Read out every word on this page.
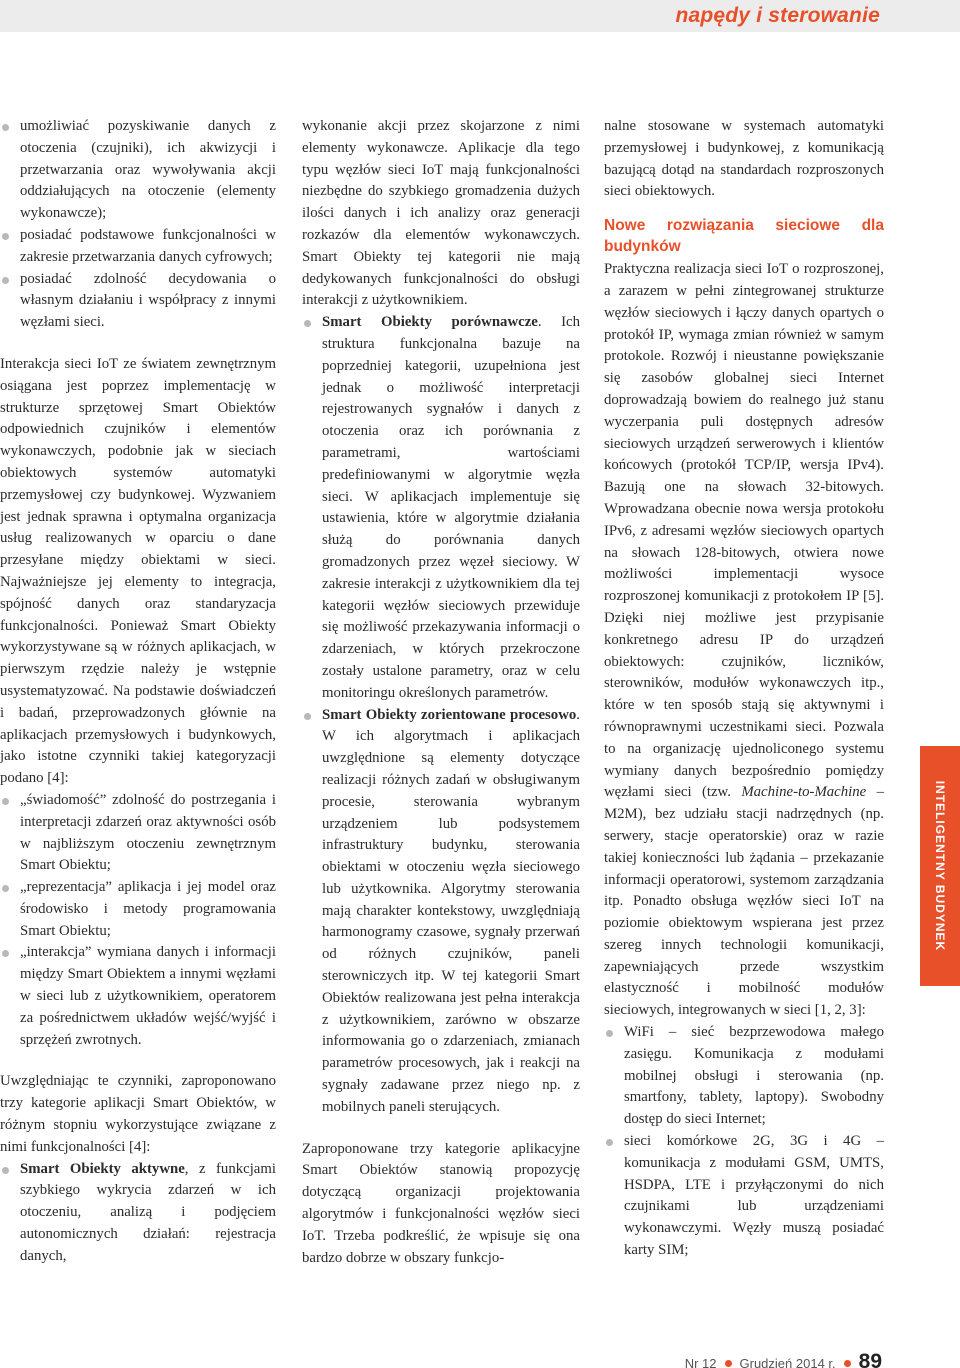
napędy i sterowanie
umożliwiać pozyskiwanie danych z otoczenia (czujniki), ich akwizycji i przetwarzania oraz wywoływania akcji oddziałujących na otoczenie (elementy wykonawcze);
posiadać podstawowe funkcjonalności w zakresie przetwarzania danych cyfrowych;
posiadać zdolność decydowania o własnym działaniu i współpracy z innymi węzłami sieci.

Interakcja sieci IoT ze światem zewnętrznym osiągana jest poprzez implementację w strukturze sprzętowej Smart Obiektów odpowiednich czujników i elementów wykonawczych, podobnie jak w sieciach obiektowych systemów automatyki przemysłowej czy budynkowej. Wyzwaniem jest jednak sprawna i optymalna organizacja usług realizowanych w oparciu o dane przesyłane między obiektami w sieci. Najważniejsze jej elementy to integracja, spójność danych oraz standaryzacja funkcjonalności. Ponieważ Smart Obiekty wykorzystywane są w różnych aplikacjach, w pierwszym rzędzie należy je wstępnie usystematyzować. Na podstawie doświadczeń i badań, przeprowadzonych głównie na aplikacjach przemysłowych i budynkowych, jako istotne czynniki takiej kategoryzacji podano [4]:

„świadomość” zdolność do postrzegania i interpretacji zdarzeń oraz aktywności osób w najbliższym otoczeniu zewnętrznym Smart Obiektu;
„reprezentacja” aplikacja i jej model oraz środowisko i metody programowania Smart Obiektu;
„interakcja” wymiana danych i informacji między Smart Obiektem a innymi węzłami w sieci lub z użytkownikiem, operatorem za pośrednictwem układów wejść/wyjść i sprzężeń zwrotnych.

Uwzględniając te czynniki, zaproponowano trzy kategorie aplikacji Smart Obiektów, w różnym stopniu wykorzystujące związane z nimi funkcjonalności [4]:

Smart Obiekty aktywne, z funkcjami szybkiego wykrycia zdarzeń w ich otoczeniu, analizą i podjęciem autonomicznych działań: rejestracja danych,

wykonanie akcji przez skojarzone z nimi elementy wykonawcze. Aplikacje dla tego typu węzłów sieci IoT mają funkcjonalności niezbędne do szybkiego gromadzenia dużych ilości danych i ich analizy oraz generacji rozkazów dla elementów wykonawczych. Smart Obiekty tej kategorii nie mają dedykowanych funkcjonalności do obsługi interakcji z użytkownikiem.

Smart Obiekty porównawcze. Ich struktura funkcjonalna bazuje na poprzedniej kategorii, uzupełniona jest jednak o możliwość interpretacji rejestrowanych sygnałów i danych z otoczenia oraz ich porównania z parametrami, wartościami predefiniowanymi w algorytmie węzła sieci. W aplikacjach implementuje się ustawienia, które w algorytmie działania służą do porównania danych gromadzonych przez węzeł sieciowy. W zakresie interakcji z użytkownikiem dla tej kategorii węzłów sieciowych przewiduje się możliwość przekazywania informacji o zdarzeniach, w których przekroczone zostały ustalone parametry, oraz w celu monitoringu określonych parametrów.
Smart Obiekty zorientowane procesowo. W ich algorytmach i aplikacjach uwzględnione są elementy dotyczące realizacji różnych zadań w obsługiwanym procesie, sterowania wybranym urządzeniem lub podsystemem infrastruktury budynku, sterowania obiektami w otoczeniu węzła sieciowego lub użytkownika. Algorytmy sterowania mają charakter kontekstowy, uwzględniają harmonogramy czasowe, sygnały przerwań od różnych czujników, paneli sterowniczych itp. W tej kategorii Smart Obiektów realizowana jest pełna interakcja z użytkownikiem, zarówno w obszarze informowania go o zdarzeniach, zmianach parametrów procesowych, jak i reakcji na sygnały zadawane przez niego np. z mobilnych paneli sterujących.

Zaproponowane trzy kategorie aplikacyjne Smart Obiektów stanowią propozycję dotyczącą organizacji projektowania algorytmów i funkcjonalności węzłów sieci IoT. Trzeba podkreślić, że wpisuje się ona bardzo dobrze w obszary funkcjo-

nalne stosowane w systemach automatyki przemysłowej i budynkowej, z komunikacją bazującą dotąd na standardach rozproszonych sieci obiektowych.

Nowe rozwiązania sieciowe dla budynków

Praktyczna realizacja sieci IoT o rozproszonej, a zarazem w pełni zintegrowanej strukturze węzłów sieciowych i łączy danych opartych o protokół IP, wymaga zmian również w samym protokole. Rozwój i nieustanne powiększanie się zasobów globalnej sieci Internet doprowadzają bowiem do realnego już stanu wyczerpania puli dostępnych adresów sieciowych urządzeń serwerowych i klientów końcowych (protokół TCP/IP, wersja IPv4). Bazują one na słowach 32-bitowych. Wprowadzana obecnie nowa wersja protokołu IPv6, z adresami węzłów sieciowych opartych na słowach 128-bitowych, otwiera nowe możliwości implementacji wysoce rozproszonej komunikacji z protokołem IP [5]. Dzięki niej możliwe jest przypisanie konkretnego adresu IP do urządzeń obiektowych: czujników, liczników, sterowników, modułów wykonawczych itp., które w ten sposób stają się aktywnymi i równoprawnymi uczestnikami sieci. Pozwala to na organizację ujednoliconego systemu wymiany danych bezpośrednio pomiędzy węzłami sieci (tzw. Machine-to-Machine – M2M), bez udziału stacji nadrzędnych (np. serwery, stacje operatorskie) oraz w razie takiej konieczności lub żądania – przekazanie informacji operatorowi, systemom zarządzania itp. Ponadto obsługa węzłów sieci IoT na poziomie obiektowym wspierana jest przez szereg innych technologii komunikacji, zapewniających przede wszystkim elastyczność i mobilność modułów sieciowych, integrowanych w sieci [1, 2, 3]:

WiFi – sieć bezprzewodowa małego zasięgu. Komunikacja z modułami mobilnej obsługi i sterowania (np. smartfony, tablety, laptopy). Swobodny dostęp do sieci Internet;
sieci komórkowe 2G, 3G i 4G – komunikacja z modułami GSM, UMTS, HSDPA, LTE i przyłączonymi do nich czujnikami lub urządzeniami wykonawczymi. Węzły muszą posiadać karty SIM;
INTELIGENTNY BUDYNEK
Nr 12 Grudzień 2014 r. 89
